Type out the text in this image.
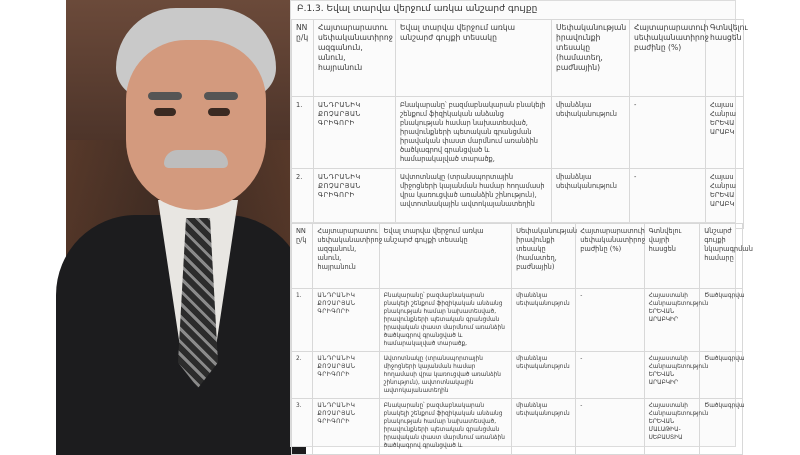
Բ.1.3. Եվալ տարվա վերջում առկա անշարժ գույքը
NN ը/կ	Հայտարարատու սեփականատիրոջ ազգանուն, անուն, հայրանուն	Եվալ տարվա վերջում առկա անշարժ գույքի տեսակը	Սեփականության իրավունքի տեսակը (համատեղ, բաժնային)	Հայտարարատուի սեփականատիրոջ բաժինը (%)	Գտնվելու հասցեն
1.	ԱՆԴՐԱՆԻԿ ՔՈՉԱՐՅԱՆ ԳՐԻԳՈՐԻ	Բնակարանը՝ բազմաբնակարան բնակելի շենքում ֆիզիկական անձանց բնակության համար նախատեսված, իրավունքների պետական գրանցման իրավական փաստ մարմնում առանձին ծածկագրով գրանցված և համարակալված տարածք,	միանձնյա սեփականություն	-	Հայաս Հանրա ԵՐԵՎԱ ԱՐԱԲԿ
2.	ԱՆԴՐԱՆԻԿ ՔՈՉԱՐՅԱՆ ԳՐԻԳՈՐԻ	Ավտոտնակը (տրանսպորտային միջոցների կայանման համար հողամասի վրա կառուցված առանձին շինություն), ավտոտնակային ավտոկայանատեղին	միանձնյա սեփականություն	-	Հայաս Հանրա ԵՐԵՎԱ ԱՐԱԲԿ
NN ը/կ	Հայտարարատու սեփականատիրոջ ազգանուն, անուն, հայրանուն	Եվալ տարվա վերջում առկա անշարժ գույքի տեսակը	Սեփականության իրավունքի տեսակը (համատեղ, բաժնային)	Հայտարարատուի սեփականատիրոջ բաժինը (%)	Գտնվելու վայրի հասցեն	Անշարժ գույքի նկարագրման համարը
1.	ԱՆԴՐԱՆԻԿ ՔՈՉԱՐՅԱՆ ԳՐԻԳՈՐԻ	Բնակարանը՝ բազմաբնակարան բնակելի շենքում ֆիզիկական անձանց բնակության համար նախատեսված, իրավունքների պետական գրանցման իրավական փաստ մարմնում առանձին ծածկագրով գրանցված և համարակալված տարածք,	միանձնյա սեփականություն	-	Հայաստանի Հանրապետություն ԵՐԵՎԱՆ ԱՐԱԲԿԻՐ	Ծածկագրվա
2.	ԱՆԴՐԱՆԻԿ ՔՈՉԱՐՅԱՆ ԳՐԻԳՈՐԻ	Ավտոտնակը (տրանսպորտային միջոցների կայանման համար հողամասի վրա կառուցված առանձին շինություն), ավտոտնակային ավտոկայանատեղին	միանձնյա սեփականություն	-	Հայաստանի Հանրապետություն ԵՐԵՎԱՆ ԱՐԱԲԿԻՐ	Ծածկագրվա
3.	ԱՆԴՐԱՆԻԿ ՔՈՉԱՐՅԱՆ ԳՐԻԳՈՐԻ	Բնակարանը՝ բազմաբնակարան բնակելի շենքում ֆիզիկական անձանց բնակության համար նախատեսված, իրավունքների պետական գրանցման իրավական փաստ մարմնում առանձին ծածկագրով գրանցված և	միանձնյա սեփականություն	-	Հայաստանի Հանրապետություն ԵՐԵՎԱՆ ՄԱԼԱԹԻԱ-ՍԵԲԱՍՏԻԱ	Ծածկագրվա
